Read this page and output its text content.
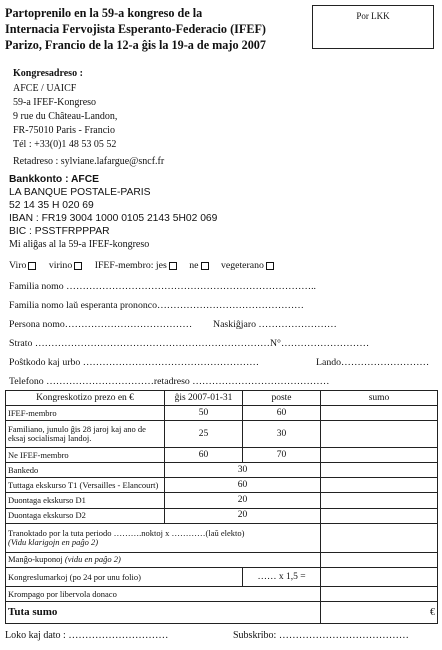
Por LKK
Partoprenilo en la 59-a kongreso de la
Internacia Fervojista Esperanto-Federacio (IFEF)
Parizo, Francio de la 12-a ĝis la 19-a de majo 2007
Kongresadreso :
AFCE / UAICF
59-a IFEF-Kongreso
9 rue du Château-Landon,
FR-75010 Paris - Francio
Tél : +33(0)1 48 53 05 52
Retadreso : sylviane.lafargue@sncf.fr
Bankkonto : AFCE
LA BANQUE POSTALE-PARIS
52 14 35 H 020 69
IBAN : FR19 3004 1000 0105 2143 5H02 069
BIC : PSSTFRPPPAR
Mi aliĝas al la 59-a IFEF-kongreso
Viro virino IFEF-membro: jes ne vegeterano
Familia nomo …………………………………………………………………..
Familia nomo laŭ esperanta prononco………………………………………
Persona nomo………………………………… Naskiĝjaro ……………………
Strato ………………………………………………………………N°………………………
Poŝtkodo kaj urbo ………………………………………………	Lando………………………
Telefono ……………………………retadreso ……………………………………
Kongreskotizo prezo en €	ĝis 2007-01-31	poste	sumo
IFEF-membro	50	60	
Familiano, junulo ĝis 28 jaroj kaj ano de eksaj socialismaj landoj.	25	30	
Ne IFEF-membro	60	70	
Bankedo	30		
Tuttaga ekskurso T1 (Versailles - Elancourt)	60		
Duontaga ekskurso D1	20		
Duontaga ekskurso D2	20		

Tranoktado por la tuta periodo ……….noktoj x …………(laŭ elekto)
(Vidu klarigojn en paĝo 2)			

Manĝo-kuponoj (vidu en paĝo 2)			
Kongreslumarkoj (po 24 por unu folio)		…… x 1,5 =	
Krompago por libervola donaco			
Tuta sumo			€
Loko kaj dato : …………………………	Subskribo: …………………………………
